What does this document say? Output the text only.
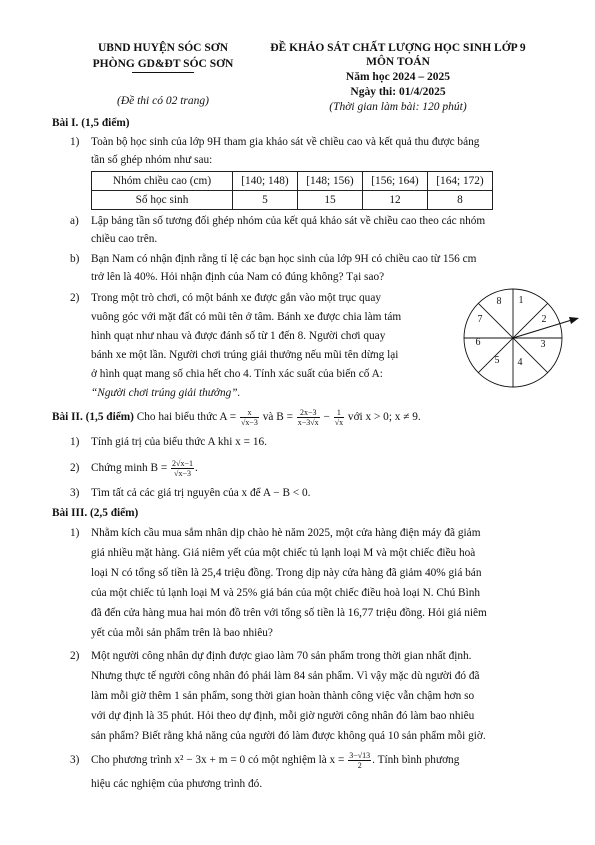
UBND HUYỆN SÓC SƠN
PHÒNG GD&ĐT SÓC SƠN
(Đề thi có 02 trang)
ĐỀ KHẢO SÁT CHẤT LƯỢNG HỌC SINH LỚP 9
MÔN TOÁN
Năm học 2024 – 2025
Ngày thi: 01/4/2025
(Thời gian làm bài: 120 phút)
Bài I. (1,5 điểm)
1) Toàn bộ học sinh của lớp 9H tham gia khảo sát về chiều cao và kết quả thu được bảng
tần số ghép nhóm như sau:
Nhóm chiều cao (cm)	[140; 148)	[148; 156)	[156; 164)	[164; 172)
Số học sinh	5	15	12	8
a) Lập bảng tần số tương đối ghép nhóm của kết quả khảo sát về chiều cao theo các nhóm
chiều cao trên.
b) Bạn Nam có nhận định rằng tỉ lệ các bạn học sinh của lớp 9H có chiều cao từ 156 cm
trở lên là 40%. Hỏi nhận định của Nam có đúng không? Tại sao?
2) Trong một trò chơi, có một bánh xe được gắn vào một trục quay
vuông góc với mặt đất có mũi tên ở tâm. Bánh xe được chia làm tám
hình quạt như nhau và được đánh số từ 1 đến 8. Người chơi quay
bánh xe một lần. Người chơi trúng giải thưởng nếu mũi tên dừng lại
ở hình quạt mang số chia hết cho 4. Tính xác suất của biến cố A:
“Người chơi trúng giải thưởng”.
1
2
3
4
5
6
7
8
Bài II. (1,5 điểm) Cho hai biểu thức $A = \frac{x}{√x-3}$ và $B = \frac{2x-3}{x-3√x} - \frac{1}{√x}$ với x > 0; x ≠ 9.
1) Tính giá trị của biểu thức A khi x = 16.
2) Chứng minh $B = \frac{2√x-1}{√x-3}$ .
3) Tìm tất cả các giá trị nguyên của x để A − B < 0.
Bài III. (2,5 điểm)
1) Nhằm kích cầu mua sắm nhân dịp chào hè năm 2025, một cửa hàng điện máy đã giảm
giá nhiều mặt hàng. Giá niêm yết của một chiếc tủ lạnh loại M và một chiếc điều hoà
loại N có tổng số tiền là 25,4 triệu đồng. Trong dịp này cửa hàng đã giảm 40% giá bán
của một chiếc tủ lạnh loại M và 25% giá bán của một chiếc điều hoà loại N. Chú Bình
đã đến cửa hàng mua hai món đồ trên với tổng số tiền là 16,77 triệu đồng. Hỏi giá niêm
yết của mỗi sản phẩm trên là bao nhiêu?
2) Một người công nhân dự định được giao làm 70 sản phẩm trong thời gian nhất định.
Nhưng thực tế người công nhân đó phải làm 84 sản phẩm. Vì vậy mặc dù người đó đã
làm mỗi giờ thêm 1 sản phẩm, song thời gian hoàn thành công việc vẫn chậm hơn so
với dự định là 35 phút. Hỏi theo dự định, mỗi giờ người công nhân đó làm bao nhiêu
sản phẩm? Biết rằng khả năng của người đó làm được không quá 10 sản phẩm mỗi giờ.
3) Cho phương trình x² − 3x + m = 0 có một nghiệm là $x = \frac{3-√13}{2}$ . Tính bình phương
hiệu các nghiệm của phương trình đó.
